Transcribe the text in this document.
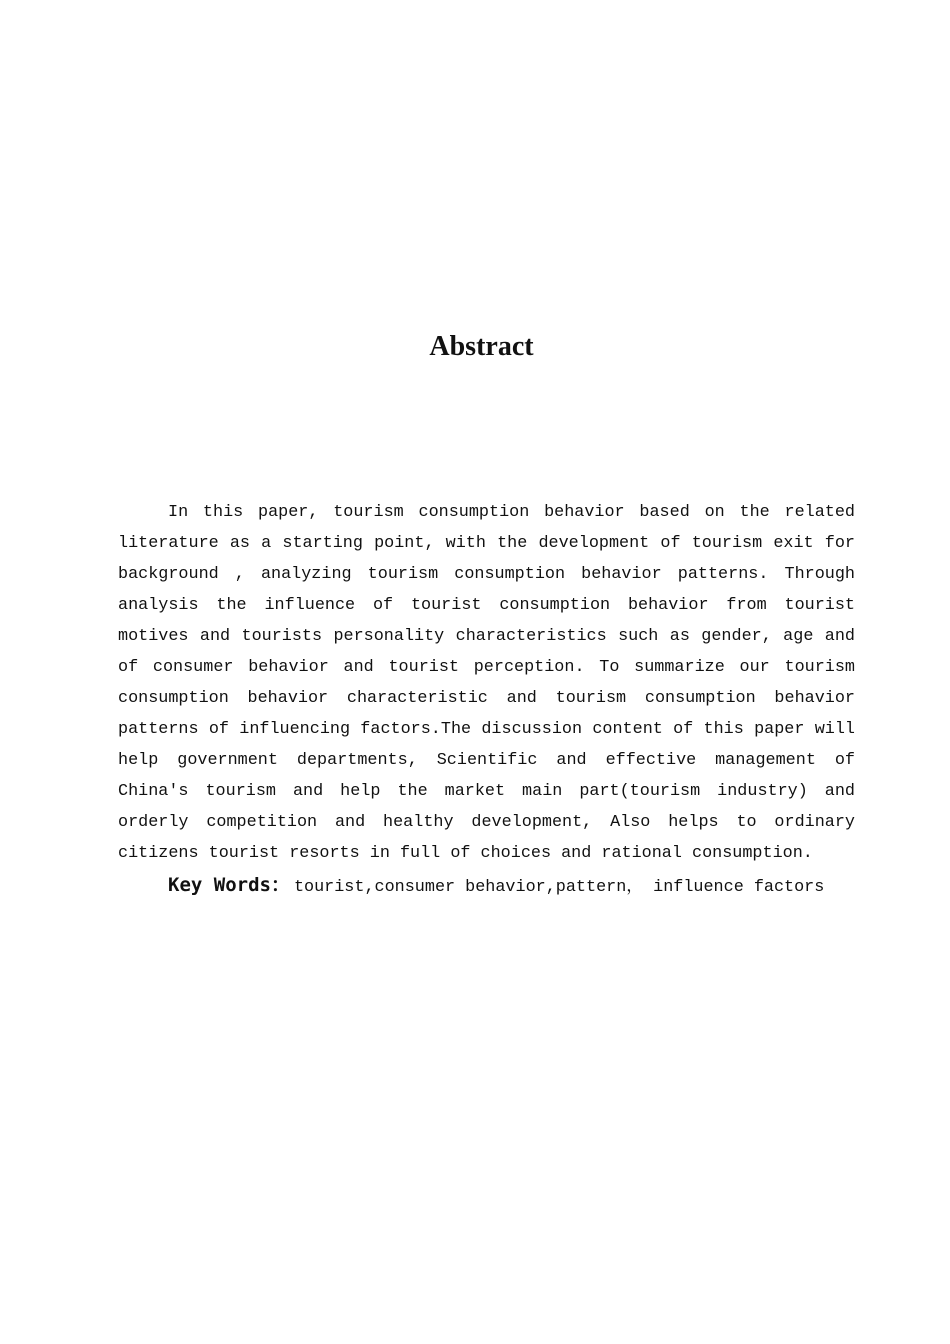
Abstract

In this paper, tourism consumption behavior based on the related literature as a starting point, with the development of tourism exit for background , analyzing tourism consumption behavior patterns. Through analysis the influence of tourist consumption behavior from tourist motives and tourists personality characteristics such as gender, age and of consumer behavior and tourist perception. To summarize our tourism consumption behavior characteristic and tourism consumption behavior patterns of influencing factors.The discussion content of this paper will help government departments, Scientific and effective management of China's tourism and help the market main part(tourism industry) and orderly competition and healthy development, Also helps to ordinary citizens tourist resorts in full of choices and rational consumption.

Key Words： tourist,consumer behavior,pattern， influence factors
